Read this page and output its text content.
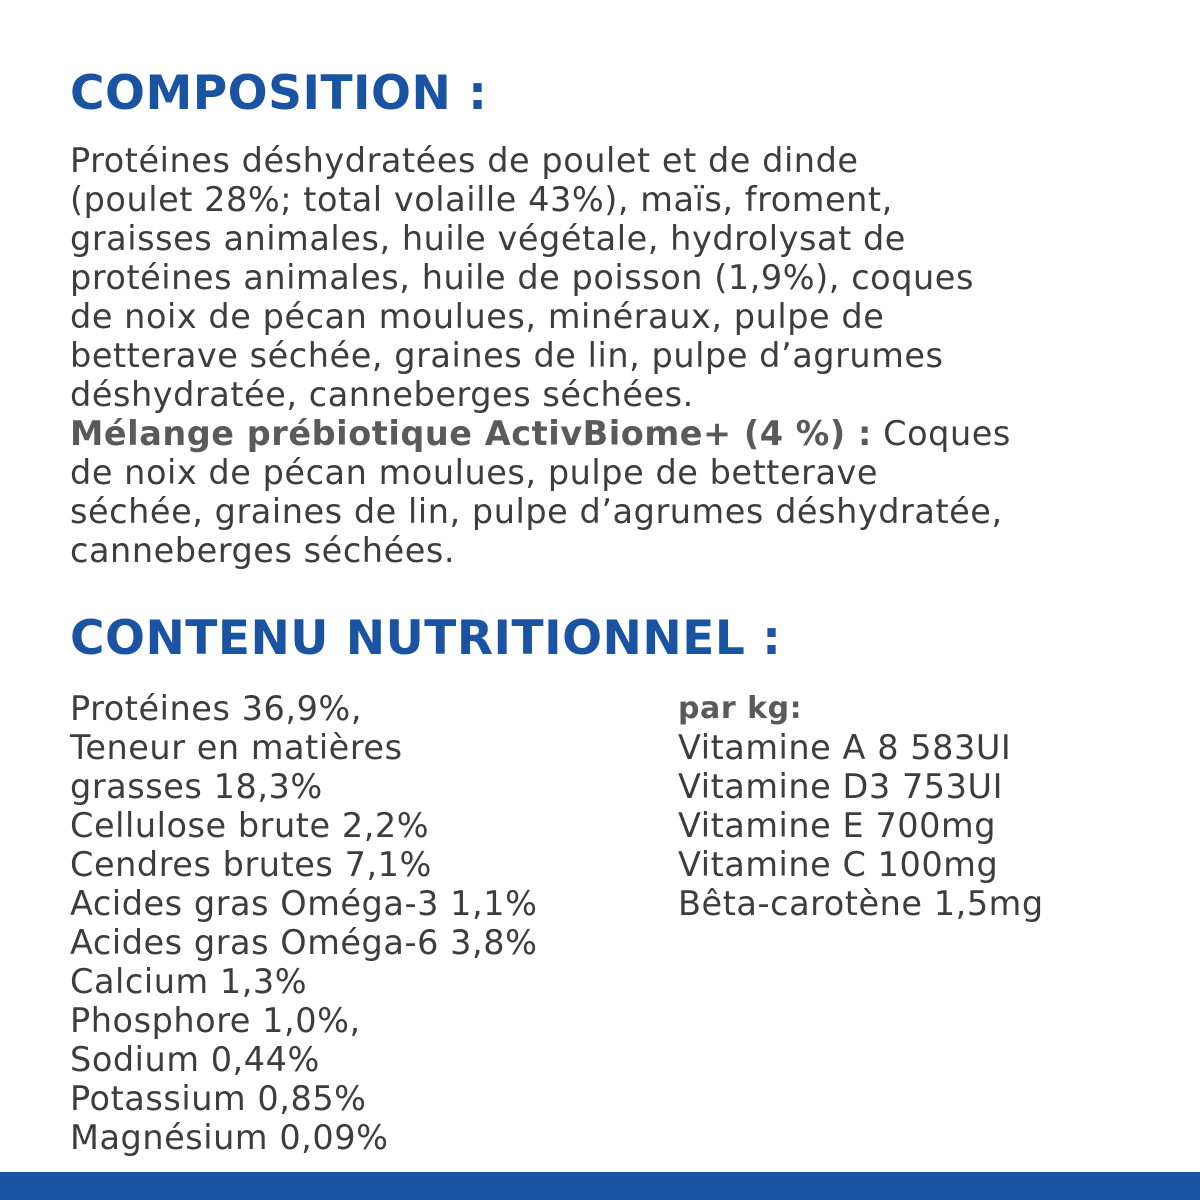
COMPOSITION :
Protéines déshydratées de poulet et de dinde
(poulet 28%; total volaille 43%), maïs, froment,
graisses animales, huile végétale, hydrolysat de
protéines animales, huile de poisson (1,9%), coques
de noix de pécan moulues, minéraux, pulpe de
betterave séchée, graines de lin, pulpe d’agrumes
déshydratée, canneberges séchées.
Mélange prébiotique ActivBiome+ (4 %) : Coques
de noix de pécan moulues, pulpe de betterave
séchée, graines de lin, pulpe d’agrumes déshydratée,
canneberges séchées.
CONTENU NUTRITIONNEL :
Protéines 36,9%,
Teneur en matières
grasses 18,3%
Cellulose brute 2,2%
Cendres brutes 7,1%
Acides gras Oméga-3 1,1%
Acides gras Oméga-6 3,8%
Calcium 1,3%
Phosphore 1,0%,
Sodium 0,44%
Potassium 0,85%
Magnésium 0,09%
par kg:
Vitamine A 8 583UI
Vitamine D3 753UI
Vitamine E 700mg
Vitamine C 100mg
Bêta-carotène 1,5mg
